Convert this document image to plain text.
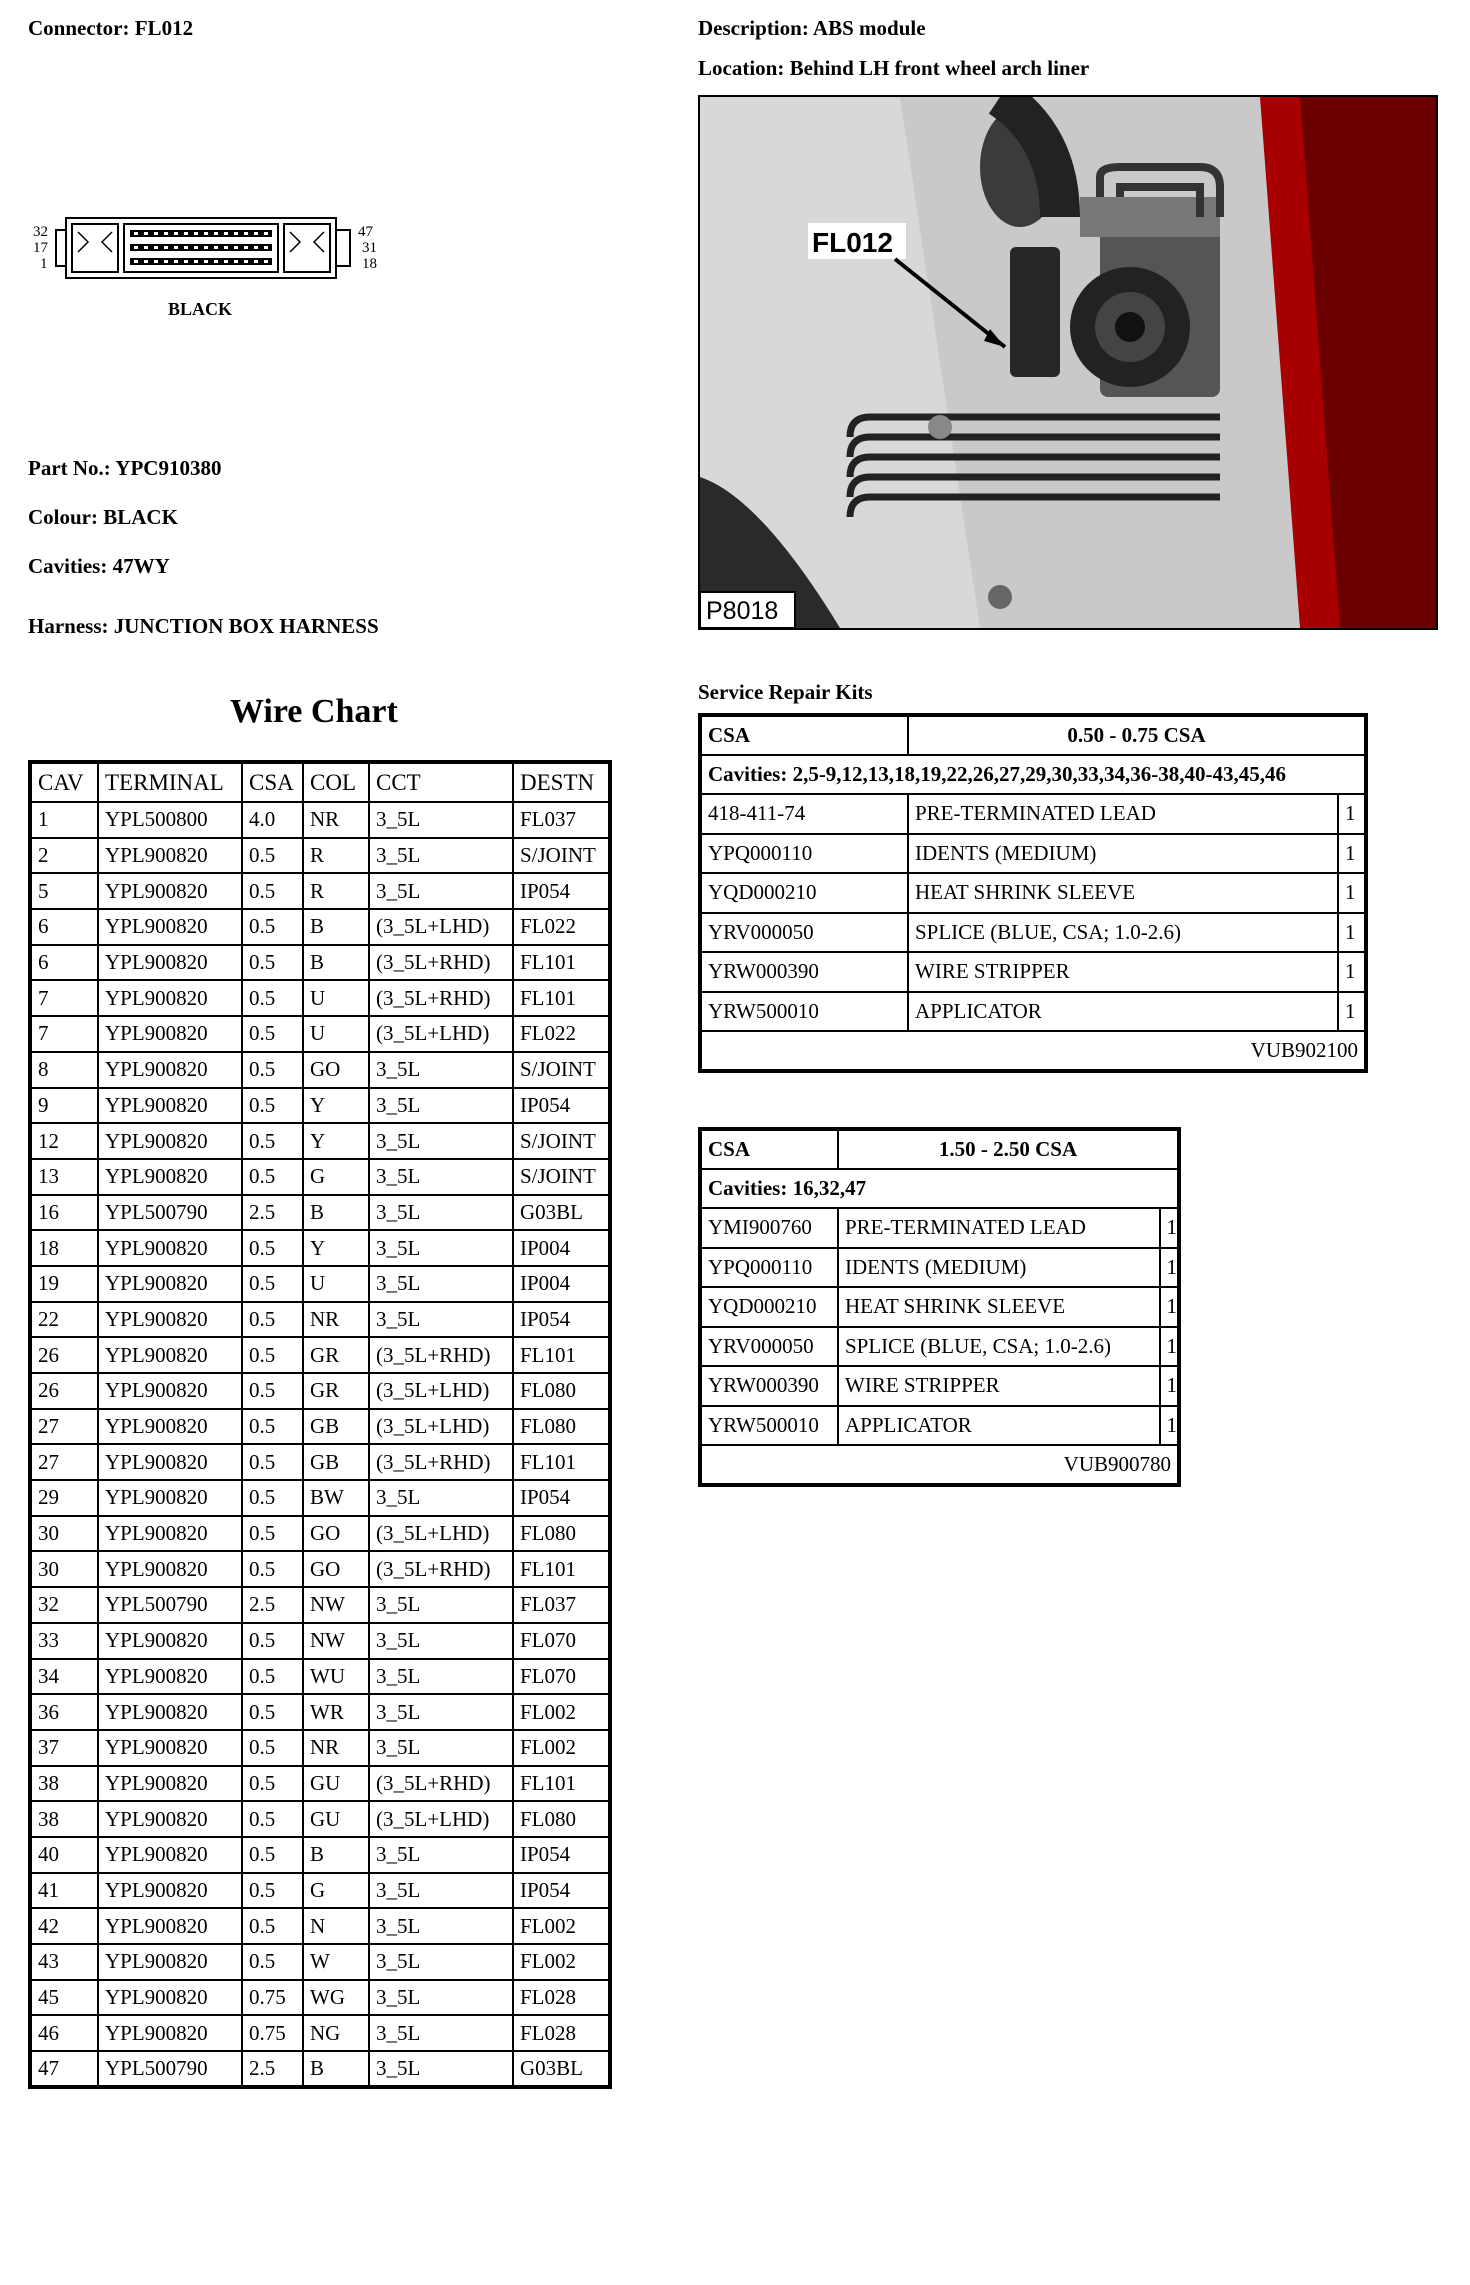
Connector: FL012	Description: ABS module
Location: Behind LH front wheel arch liner
32
17
1
47
31
18
BLACK
Part No.: YPC910380
Colour: BLACK
Cavities: 47WY
Harness: JUNCTION BOX HARNESS
FL012
P8018
Wire Chart
CAV	TERMINAL	CSA	COL	CCT	DESTN
1	YPL500800	4.0	NR	3_5L	FL037
2	YPL900820	0.5	R	3_5L	S/JOINT
5	YPL900820	0.5	R	3_5L	IP054
6	YPL900820	0.5	B	(3_5L+LHD)	FL022
6	YPL900820	0.5	B	(3_5L+RHD)	FL101
7	YPL900820	0.5	U	(3_5L+RHD)	FL101
7	YPL900820	0.5	U	(3_5L+LHD)	FL022
8	YPL900820	0.5	GO	3_5L	S/JOINT
9	YPL900820	0.5	Y	3_5L	IP054
12	YPL900820	0.5	Y	3_5L	S/JOINT
13	YPL900820	0.5	G	3_5L	S/JOINT
16	YPL500790	2.5	B	3_5L	G03BL
18	YPL900820	0.5	Y	3_5L	IP004
19	YPL900820	0.5	U	3_5L	IP004
22	YPL900820	0.5	NR	3_5L	IP054
26	YPL900820	0.5	GR	(3_5L+RHD)	FL101
26	YPL900820	0.5	GR	(3_5L+LHD)	FL080
27	YPL900820	0.5	GB	(3_5L+LHD)	FL080
27	YPL900820	0.5	GB	(3_5L+RHD)	FL101
29	YPL900820	0.5	BW	3_5L	IP054
30	YPL900820	0.5	GO	(3_5L+LHD)	FL080
30	YPL900820	0.5	GO	(3_5L+RHD)	FL101
32	YPL500790	2.5	NW	3_5L	FL037
33	YPL900820	0.5	NW	3_5L	FL070
34	YPL900820	0.5	WU	3_5L	FL070
36	YPL900820	0.5	WR	3_5L	FL002
37	YPL900820	0.5	NR	3_5L	FL002
38	YPL900820	0.5	GU	(3_5L+RHD)	FL101
38	YPL900820	0.5	GU	(3_5L+LHD)	FL080
40	YPL900820	0.5	B	3_5L	IP054
41	YPL900820	0.5	G	3_5L	IP054
42	YPL900820	0.5	N	3_5L	FL002
43	YPL900820	0.5	W	3_5L	FL002
45	YPL900820	0.75	WG	3_5L	FL028
46	YPL900820	0.75	NG	3_5L	FL028
47	YPL500790	2.5	B	3_5L	G03BL
Service Repair Kits
CSA	0.50 - 0.75 CSA	
Cavities: 2,5-9,12,13,18,19,22,26,27,29,30,33,34,36-38,40-43,45,46		
418-411-74	PRE-TERMINATED LEAD	1
YPQ000110	IDENTS (MEDIUM)	1
YQD000210	HEAT SHRINK SLEEVE	1
YRV000050	SPLICE (BLUE, CSA; 1.0-2.6)	1
YRW000390	WIRE STRIPPER	1
YRW500010	APPLICATOR	1
VUB902100		
CSA	1.50 - 2.50 CSA	
Cavities: 16,32,47		
YMI900760	PRE-TERMINATED LEAD	1
YPQ000110	IDENTS (MEDIUM)	1
YQD000210	HEAT SHRINK SLEEVE	1
YRV000050	SPLICE (BLUE, CSA; 1.0-2.6)	1
YRW000390	WIRE STRIPPER	1
YRW500010	APPLICATOR	1
VUB900780		
